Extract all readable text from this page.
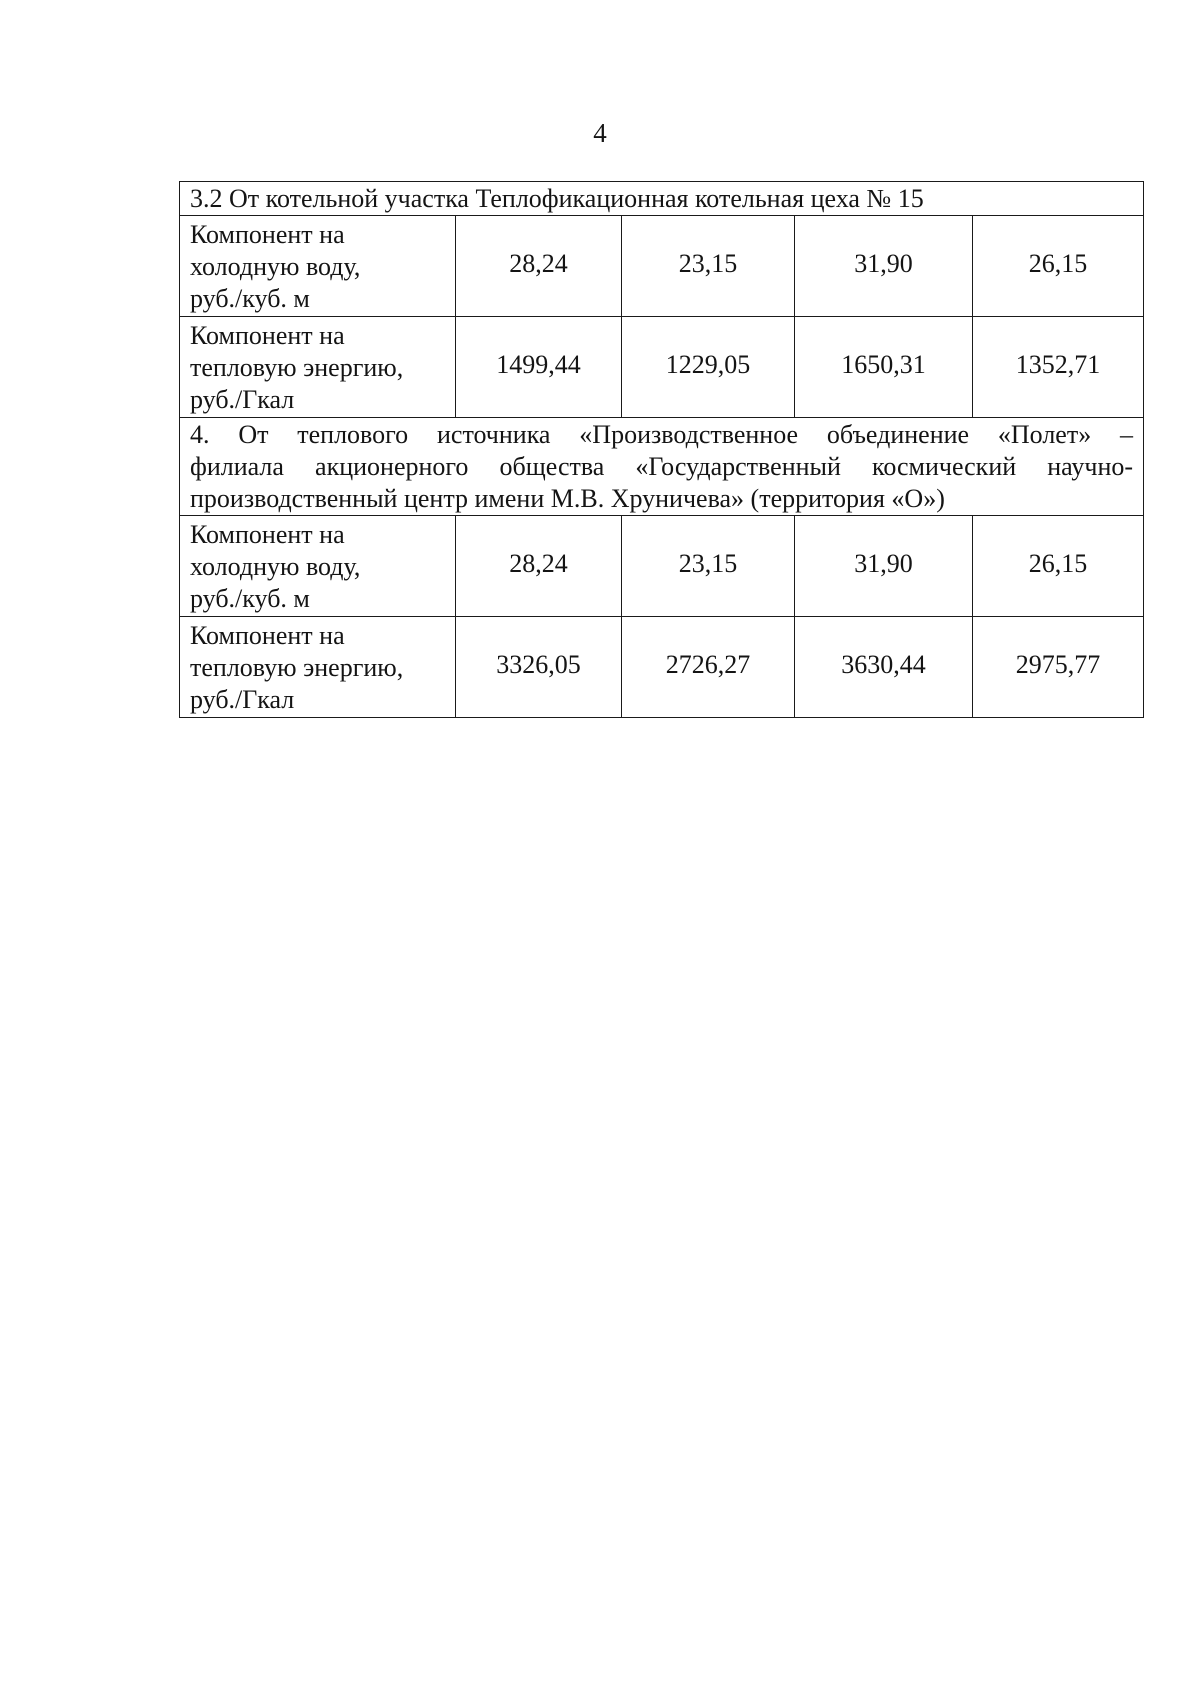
4
3.2 От котельной участка Теплофикационная котельная цеха № 15				

Компонент на
холодную воду,
руб./куб. м	28,24	23,15	31,90	26,15

Компонент на
тепловую энергию,
руб./Гкал	1499,44	1229,05	1650,31	1352,71

4. От теплового источника «Производственное объединение «Полет» –
филиала акционерного общества «Государственный космический научно-
производственный центр имени М.В. Хруничева» (территория «О»)				

Компонент на
холодную воду,
руб./куб. м	28,24	23,15	31,90	26,15

Компонент на
тепловую энергию,
руб./Гкал	3326,05	2726,27	3630,44	2975,77
